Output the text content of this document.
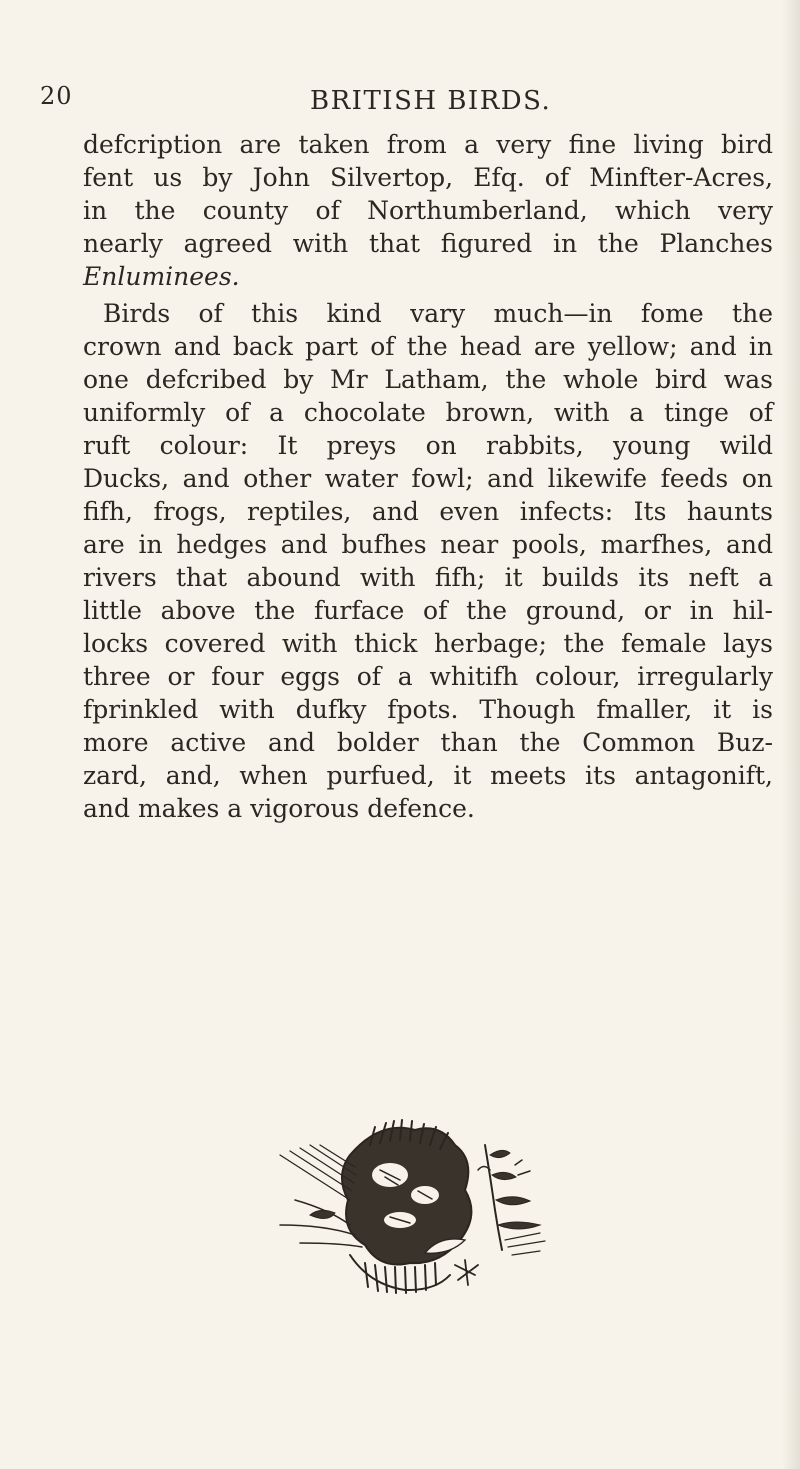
20	BRITISH BIRDS.
defcription are taken from a very fine living bird
fent us by John Silvertop, Efq. of Minfter-Acres,
in the county of Northumberland, which very
nearly agreed with that figured in the Planches
Enluminees.
Birds of this kind vary much—in fome the
crown and back part of the head are yellow; and in
one defcribed by Mr Latham, the whole bird was
uniformly of a chocolate brown, with a tinge of
ruft colour: It preys on rabbits, young wild
Ducks, and other water fowl; and likewife feeds on
fifh, frogs, reptiles, and even infects: Its haunts
are in hedges and bufhes near pools, marfhes, and
rivers that abound with fifh; it builds its neft a
little above the furface of the ground, or in hil-
locks covered with thick herbage; the female lays
three or four eggs of a whitifh colour, irregularly
fprinkled with dufky fpots. Though fmaller, it is
more active and bolder than the Common Buz-
zard, and, when purfued, it meets its antagonift,
and makes a vigorous defence.
